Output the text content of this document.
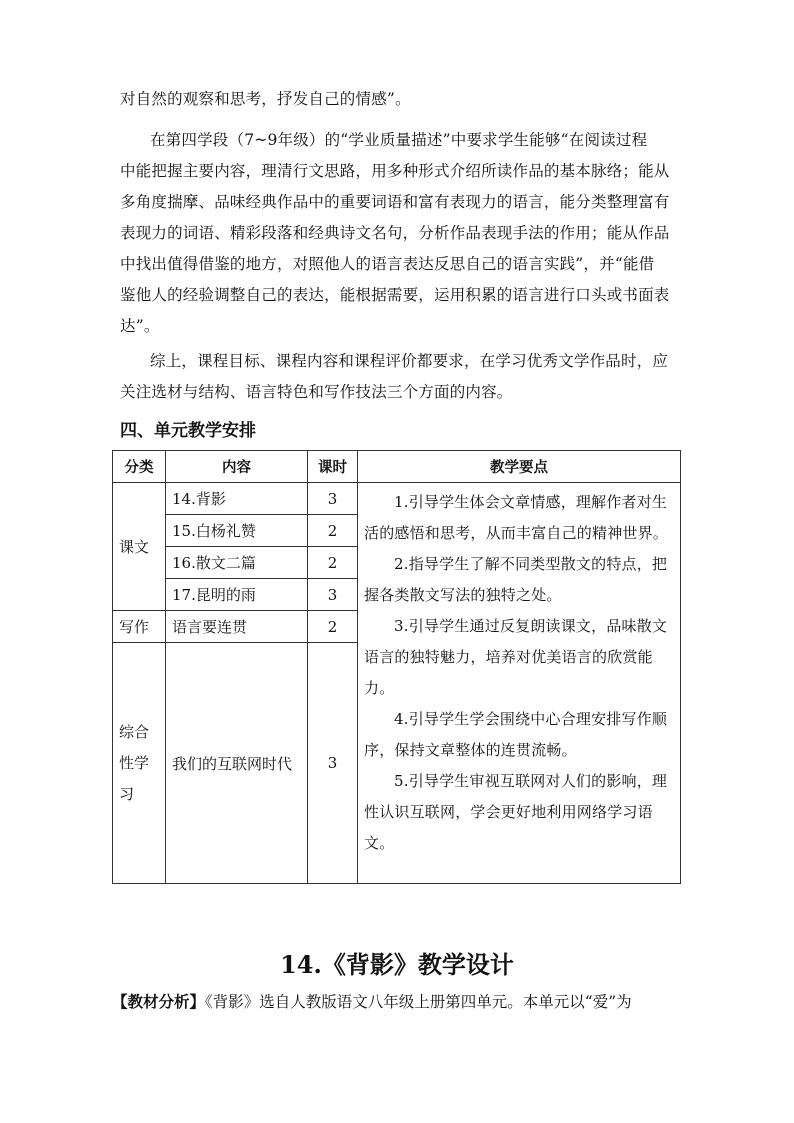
对自然的观察和思考，抒发自己的情感”。
在第四学段（7~9年级）的“学业质量描述”中要求学生能够“在阅读过程
中能把握主要内容，理清行文思路，用多种形式介绍所读作品的基本脉络；能从
多角度揣摩、品味经典作品中的重要词语和富有表现力的语言，能分类整理富有
表现力的词语、精彩段落和经典诗文名句，分析作品表现手法的作用；能从作品
中找出值得借鉴的地方，对照他人的语言表达反思自己的语言实践”，并“能借
鉴他人的经验调整自己的表达，能根据需要，运用积累的语言进行口头或书面表
达”。
综上，课程目标、课程内容和课程评价都要求，在学习优秀文学作品时，应
关注选材与结构、语言特色和写作技法三个方面的内容。
四、单元教学安排
分类	内容	课时	教学要点
课文	14.背影	3	1.引导学生体会文章情感，理解作者对生活的感悟和思考，从而丰富自己的精神世界。

2.指导学生了解不同类型散文的特点，把握各类散文写法的独特之处。

3.引导学生通过反复朗读课文，品味散文语言的独特魅力，培养对优美语言的欣赏能力。

4.引导学生学会围绕中心合理安排写作顺序，保持文章整体的连贯流畅。

5.引导学生审视互联网对人们的影响，理性认识互联网，学会更好地利用网络学习语文。

	15.白杨礼赞	2	
	16.散文二篇	2	
	17.昆明的雨	3	
写作	语言要连贯	2	
综合
性学
习	我们的互联网时代	3	
14.《背影》教学设计
【教材分析】《背影》选自人教版语文八年级上册第四单元。本单元以“爱”为
